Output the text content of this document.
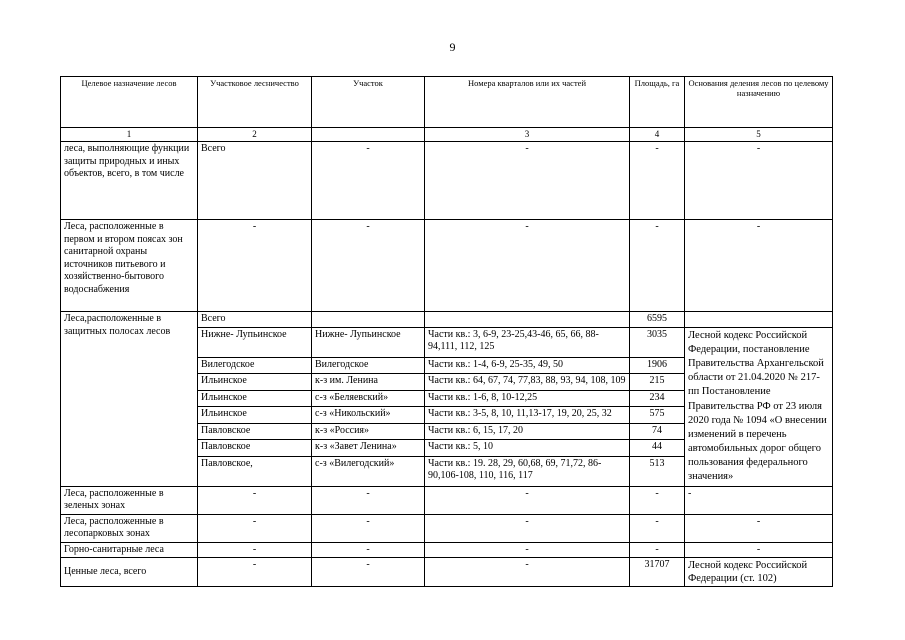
9
Целевое назначение лесов	Участковое лесничество	Участок	Номера кварталов или их частей	Площадь, га	Основания деления лесов по целевому назначению
1	2		3	4	5
леса, выполняющие функции защиты природных и иных объектов, всего, в том числе	Всего	-	-	-	-
Леса, расположенные в первом и втором поясах зон санитарной охраны источников питьевого и хозяйственно-бытового водоснабжения	-	-	-	-	-
Леса,расположенные в защитных полосах лесов	Всего			6595	
	Нижне- Лупьинское	Нижне- Лупьинское	Части кв.: 3, 6-9, 23-25,43-46, 65, 66, 88-94,111, 112, 125	3035	Лесной кодекс Российской Федерации, постановление Правительства Архангельской области от 21.04.2020 № 217-пп Постановление Правительства РФ от 23 июля 2020 года № 1094 «О внесении изменений в перечень автомобильных дорог общего пользования федерального значения»
	Вилегодское	Вилегодское	Части кв.: 1-4, 6-9, 25-35, 49, 50	1906	
	Ильинское	к-з им. Ленина	Части кв.: 64, 67, 74, 77,83, 88, 93, 94, 108, 109	215	
	Ильинское	с-з «Беляевский»	Части кв.: 1-6, 8, 10-12,25	234	
	Ильинское	с-з «Никольский»	Части кв.: 3-5, 8, 10, 11,13-17, 19, 20, 25, 32	575	
	Павловское	к-з «Россия»	Части кв.: 6, 15, 17, 20	74	
	Павловское	к-з «Завет Ленина»	Части кв.: 5, 10	44	
	Павловское,	с-з «Вилегодский»	Части кв.: 19. 28, 29, 60,68, 69, 71,72, 86-90,106-108, 110, 116, 117	513	
Леса, расположенные в зеленых зонах	-	-	-	-	-
Леса, расположенные в лесопарковых зонах	-	-	-	-	-
Горно-санитарные леса	-	-	-	-	-
Ценные леса, всего	-	-	-	31707	Лесной кодекс Российской Федерации (ст. 102)
